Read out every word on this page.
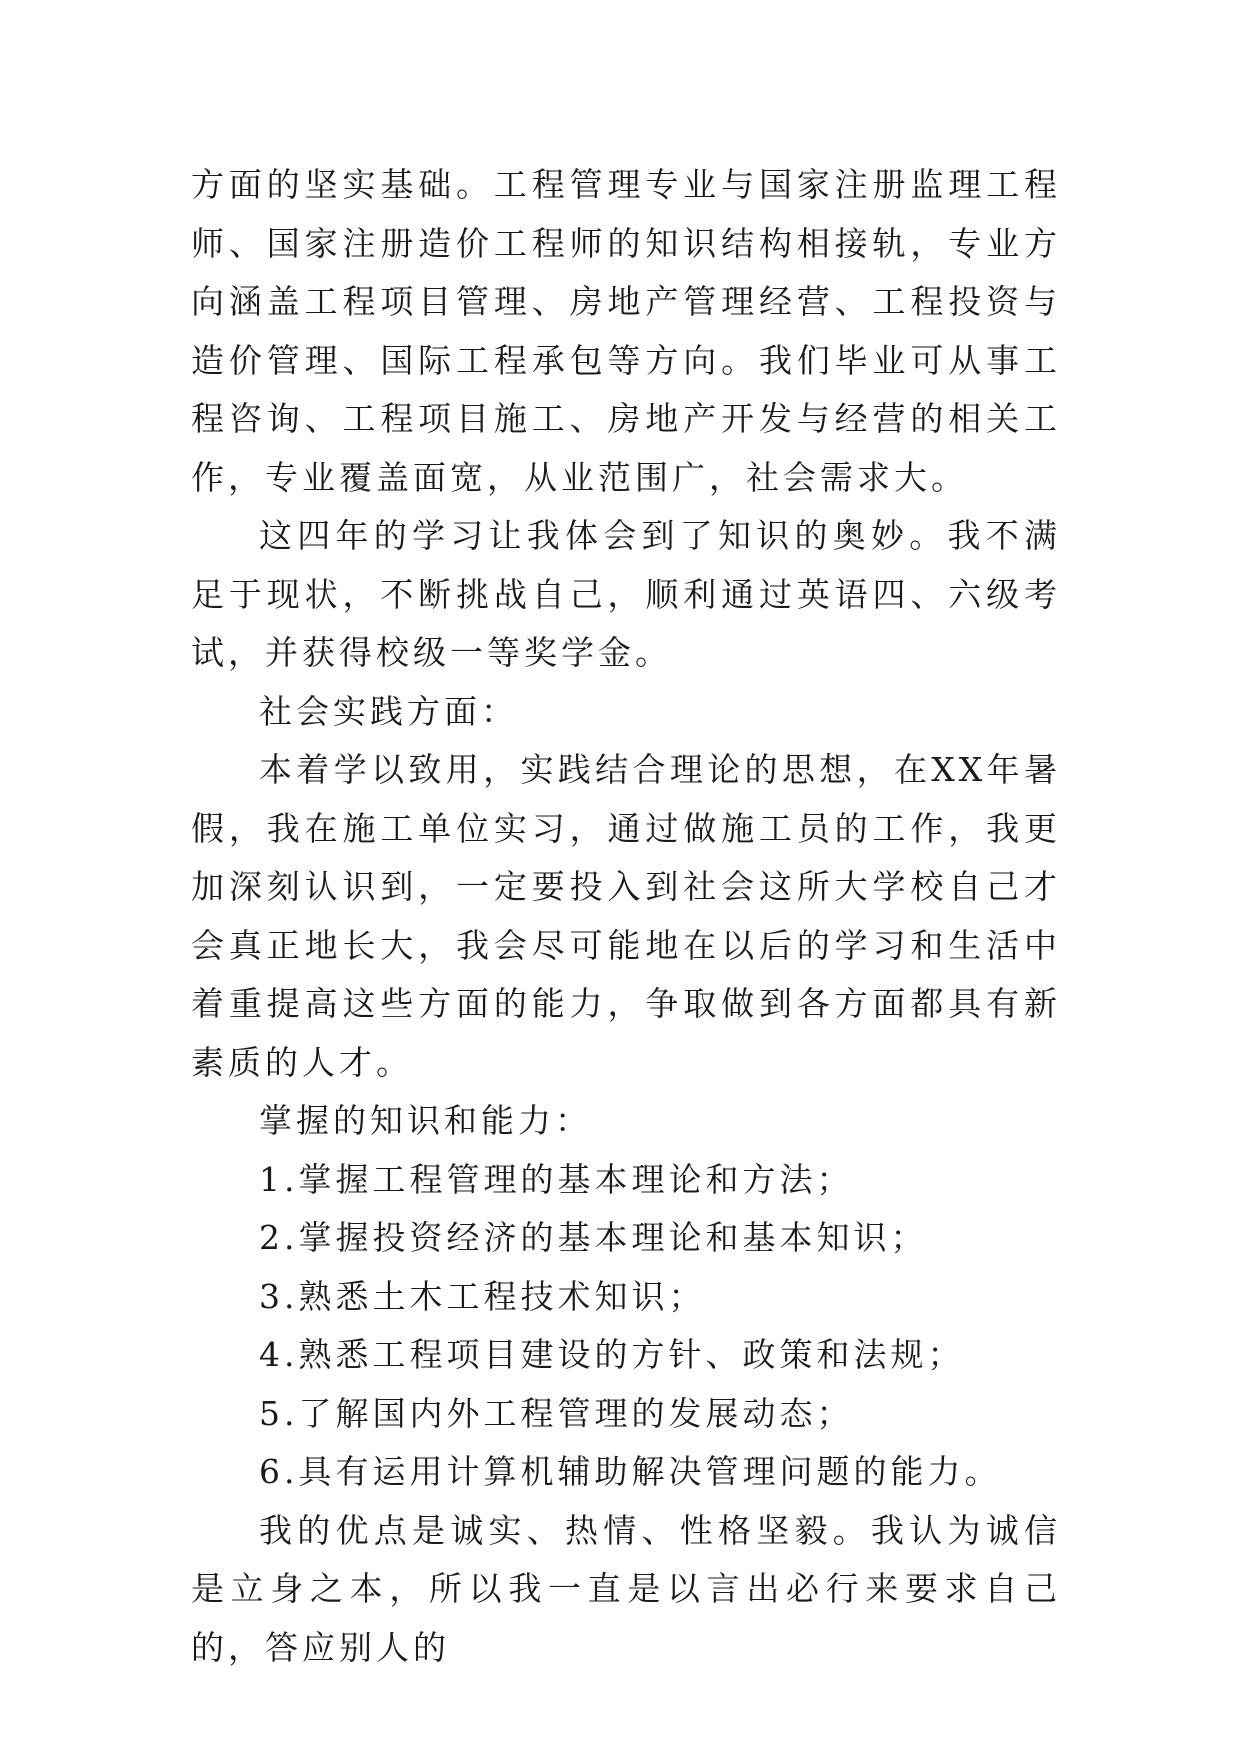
方面的坚实基础。工程管理专业与国家注册监理工程师、国家注册造价工程师的知识结构相接轨，专业方向涵盖工程项目管理、房地产管理经营、工程投资与造价管理、国际工程承包等方向。我们毕业可从事工程咨询、工程项目施工、房地产开发与经营的相关工作，专业覆盖面宽，从业范围广，社会需求大。

这四年的学习让我体会到了知识的奥妙。我不满足于现状，不断挑战自己，顺利通过英语四、六级考试，并获得校级一等奖学金。

社会实践方面：

本着学以致用，实践结合理论的思想，在XX年暑假，我在施工单位实习，通过做施工员的工作，我更加深刻认识到，一定要投入到社会这所大学校自己才会真正地长大，我会尽可能地在以后的学习和生活中着重提高这些方面的能力，争取做到各方面都具有新素质的人才。

掌握的知识和能力：

1.掌握工程管理的基本理论和方法；

2.掌握投资经济的基本理论和基本知识；

3.熟悉土木工程技术知识；

4.熟悉工程项目建设的方针、政策和法规；

5.了解国内外工程管理的发展动态；

6.具有运用计算机辅助解决管理问题的能力。

我的优点是诚实、热情、性格坚毅。我认为诚信是立身之本，所以我一直是以言出必行来要求自己的，答应别人的
